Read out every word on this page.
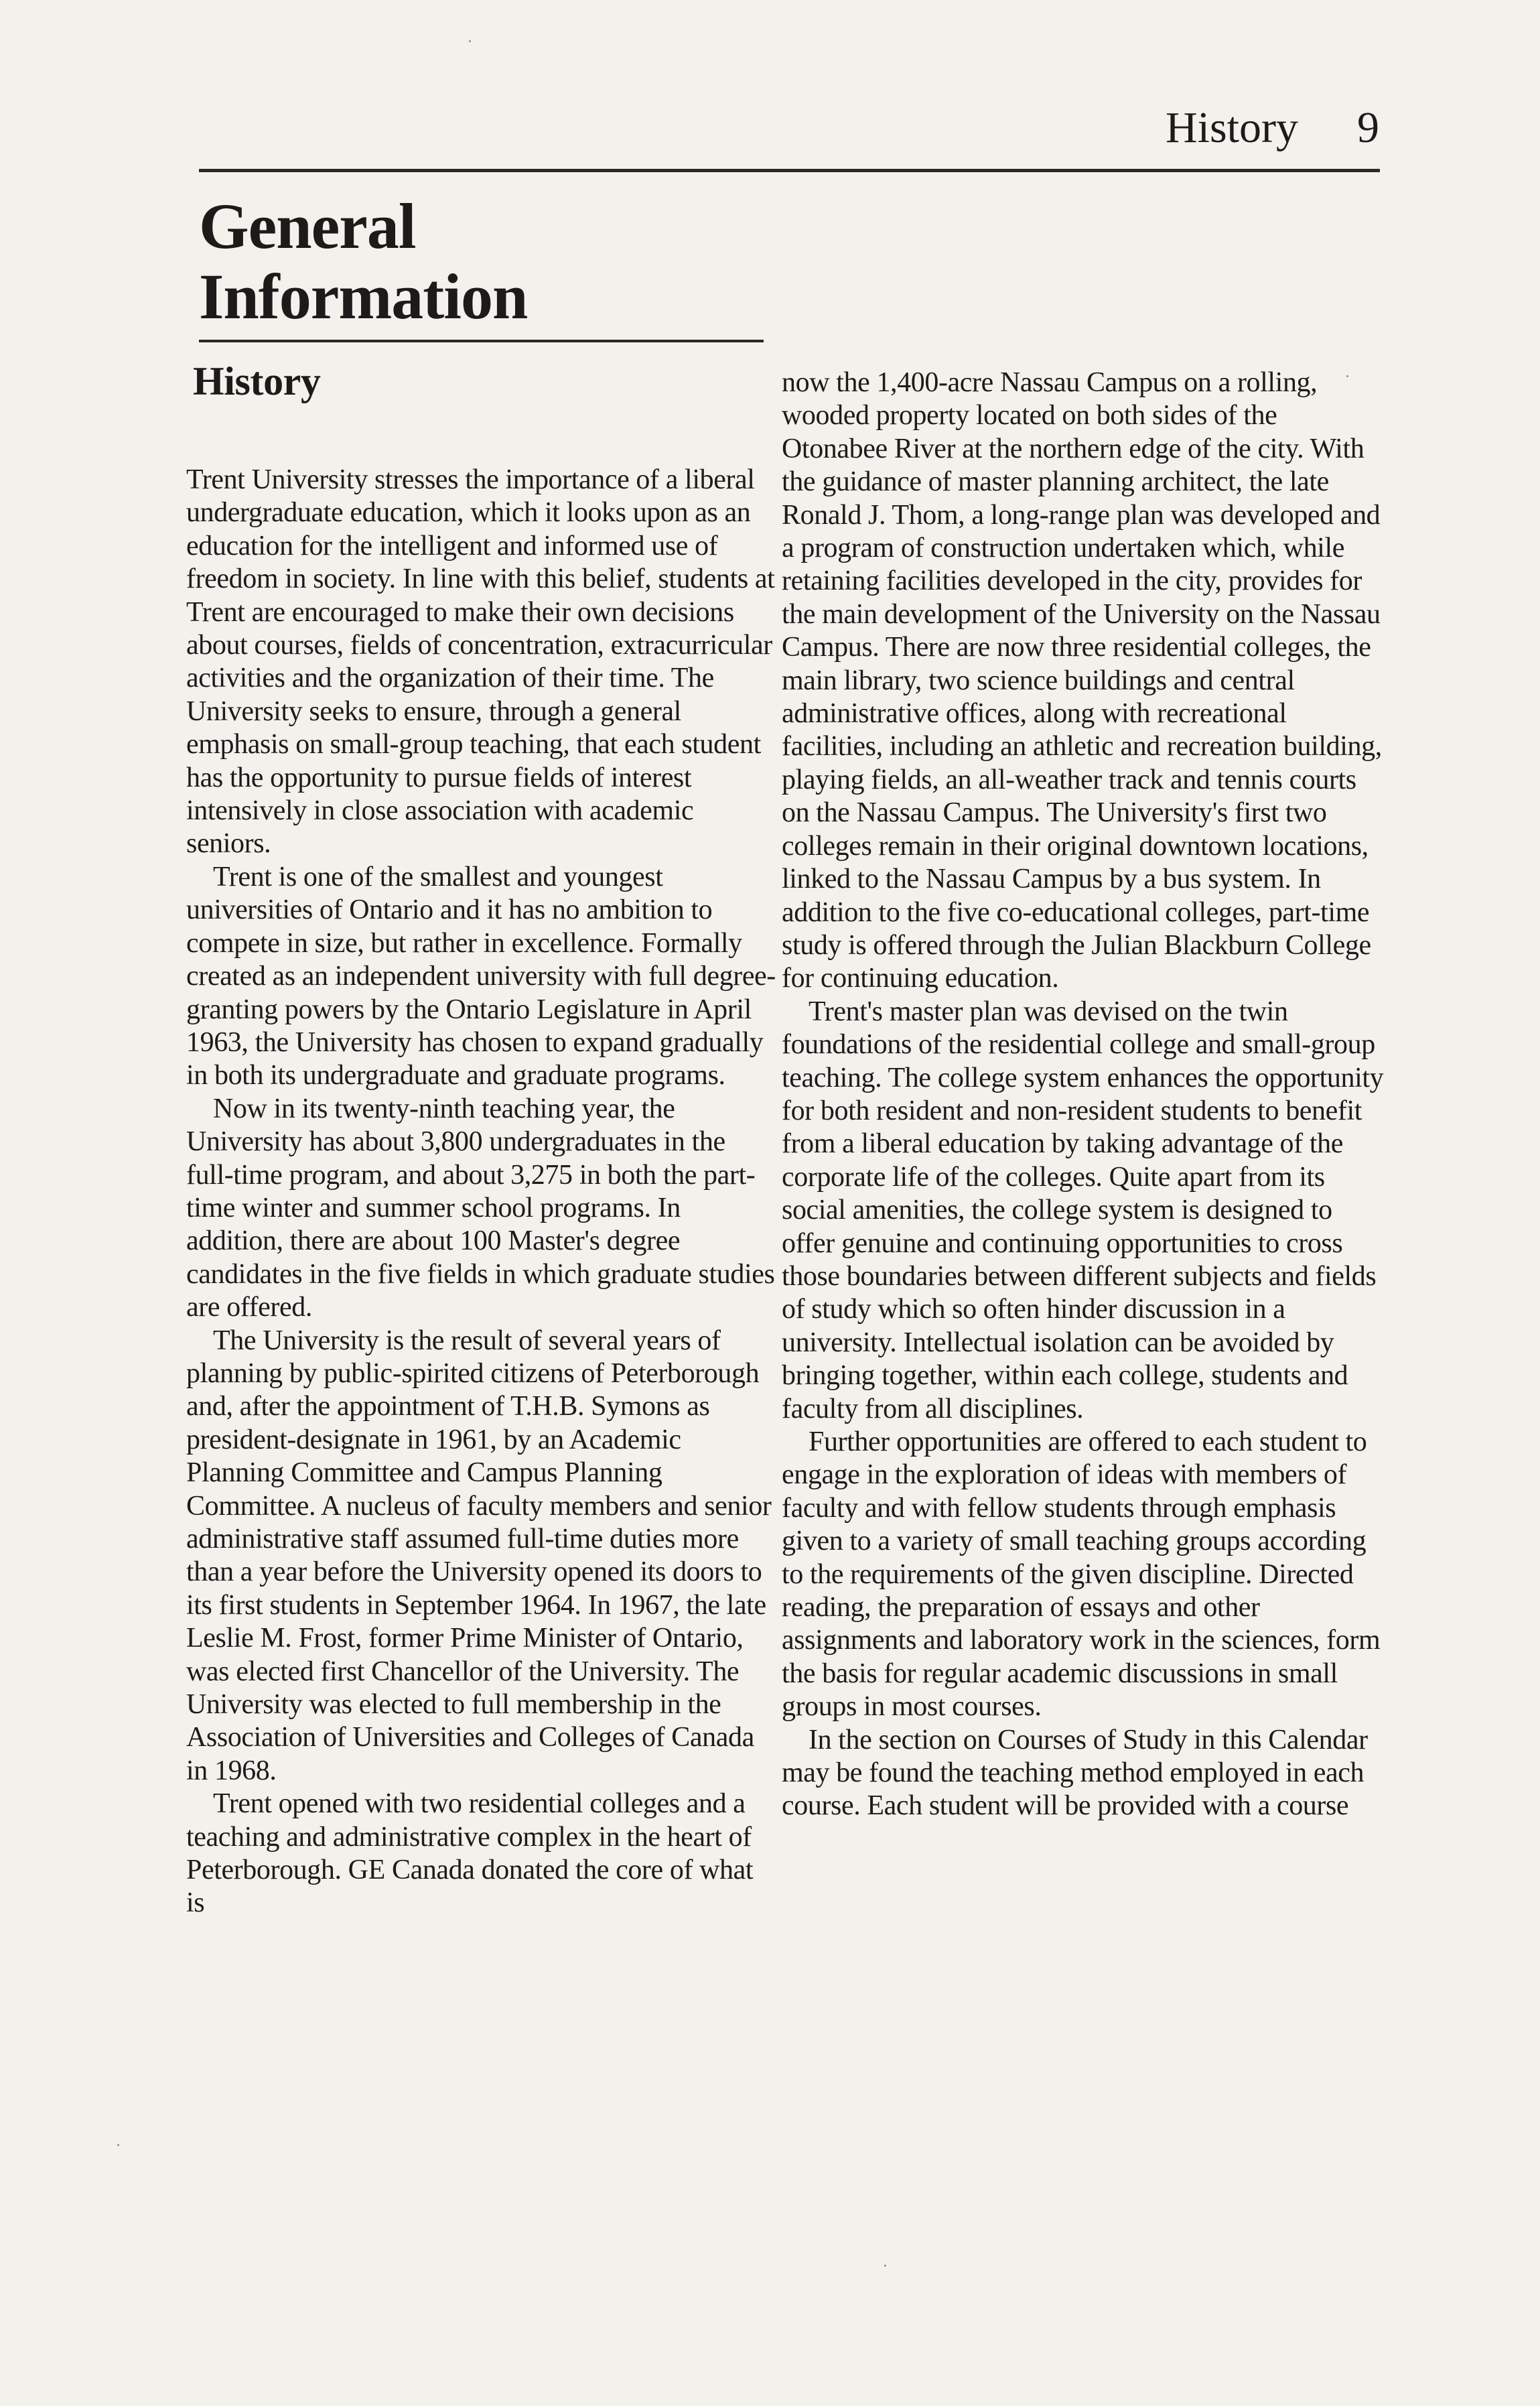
History 9
General
Information
History

Trent University stresses the importance of a liberal undergraduate education, which it looks upon as an education for the intelligent and informed use of freedom in society. In line with this belief, students at Trent are encouraged to make their own decisions about courses, fields of concentration, extracurricular activities and the organization of their time. The University seeks to ensure, through a general emphasis on small-group teaching, that each student has the opportunity to pursue fields of interest intensively in close association with academic seniors.

Trent is one of the smallest and youngest universities of Ontario and it has no ambition to compete in size, but rather in excellence. Formally created as an independent university with full degree-granting powers by the Ontario Legislature in April 1963, the University has chosen to expand gradually in both its undergraduate and graduate programs.

Now in its twenty-ninth teaching year, the University has about 3,800 undergraduates in the full-time program, and about 3,275 in both the part-time winter and summer school programs. In addition, there are about 100 Master's degree candidates in the five fields in which graduate studies are offered.

The University is the result of several years of planning by public-spirited citizens of Peterborough and, after the appointment of T.H.B. Symons as president-designate in 1961, by an Academic Planning Committee and Campus Planning Committee. A nucleus of faculty members and senior administrative staff assumed full-time duties more than a year before the University opened its doors to its first students in September 1964. In 1967, the late Leslie M. Frost, former Prime Minister of Ontario, was elected first Chancellor of the University. The University was elected to full membership in the Association of Universities and Colleges of Canada in 1968.

Trent opened with two residential colleges and a teaching and administrative complex in the heart of Peterborough. GE Canada donated the core of what is

now the 1,400-acre Nassau Campus on a rolling, wooded property located on both sides of the Otonabee River at the northern edge of the city. With the guidance of master planning architect, the late Ronald J. Thom, a long-range plan was developed and a program of construction undertaken which, while retaining facilities developed in the city, provides for the main development of the University on the Nassau Campus. There are now three residential colleges, the main library, two science buildings and central administrative offices, along with recreational facilities, including an athletic and recreation building, playing fields, an all-weather track and tennis courts on the Nassau Campus. The University's first two colleges remain in their original downtown locations, linked to the Nassau Campus by a bus system. In addition to the five co-educational colleges, part-time study is offered through the Julian Blackburn College for continuing education.

Trent's master plan was devised on the twin foundations of the residential college and small-group teaching. The college system enhances the opportunity for both resident and non-resident students to benefit from a liberal education by taking advantage of the corporate life of the colleges. Quite apart from its social amenities, the college system is designed to offer genuine and continuing opportunities to cross those boundaries between different subjects and fields of study which so often hinder discussion in a university. Intellectual isolation can be avoided by bringing together, within each college, students and faculty from all disciplines.

Further opportunities are offered to each student to engage in the exploration of ideas with members of faculty and with fellow students through emphasis given to a variety of small teaching groups according to the requirements of the given discipline. Directed reading, the preparation of essays and other assignments and laboratory work in the sciences, form the basis for regular academic discussions in small groups in most courses.

In the section on Courses of Study in this Calendar may be found the teaching method employed in each course. Each student will be provided with a course
